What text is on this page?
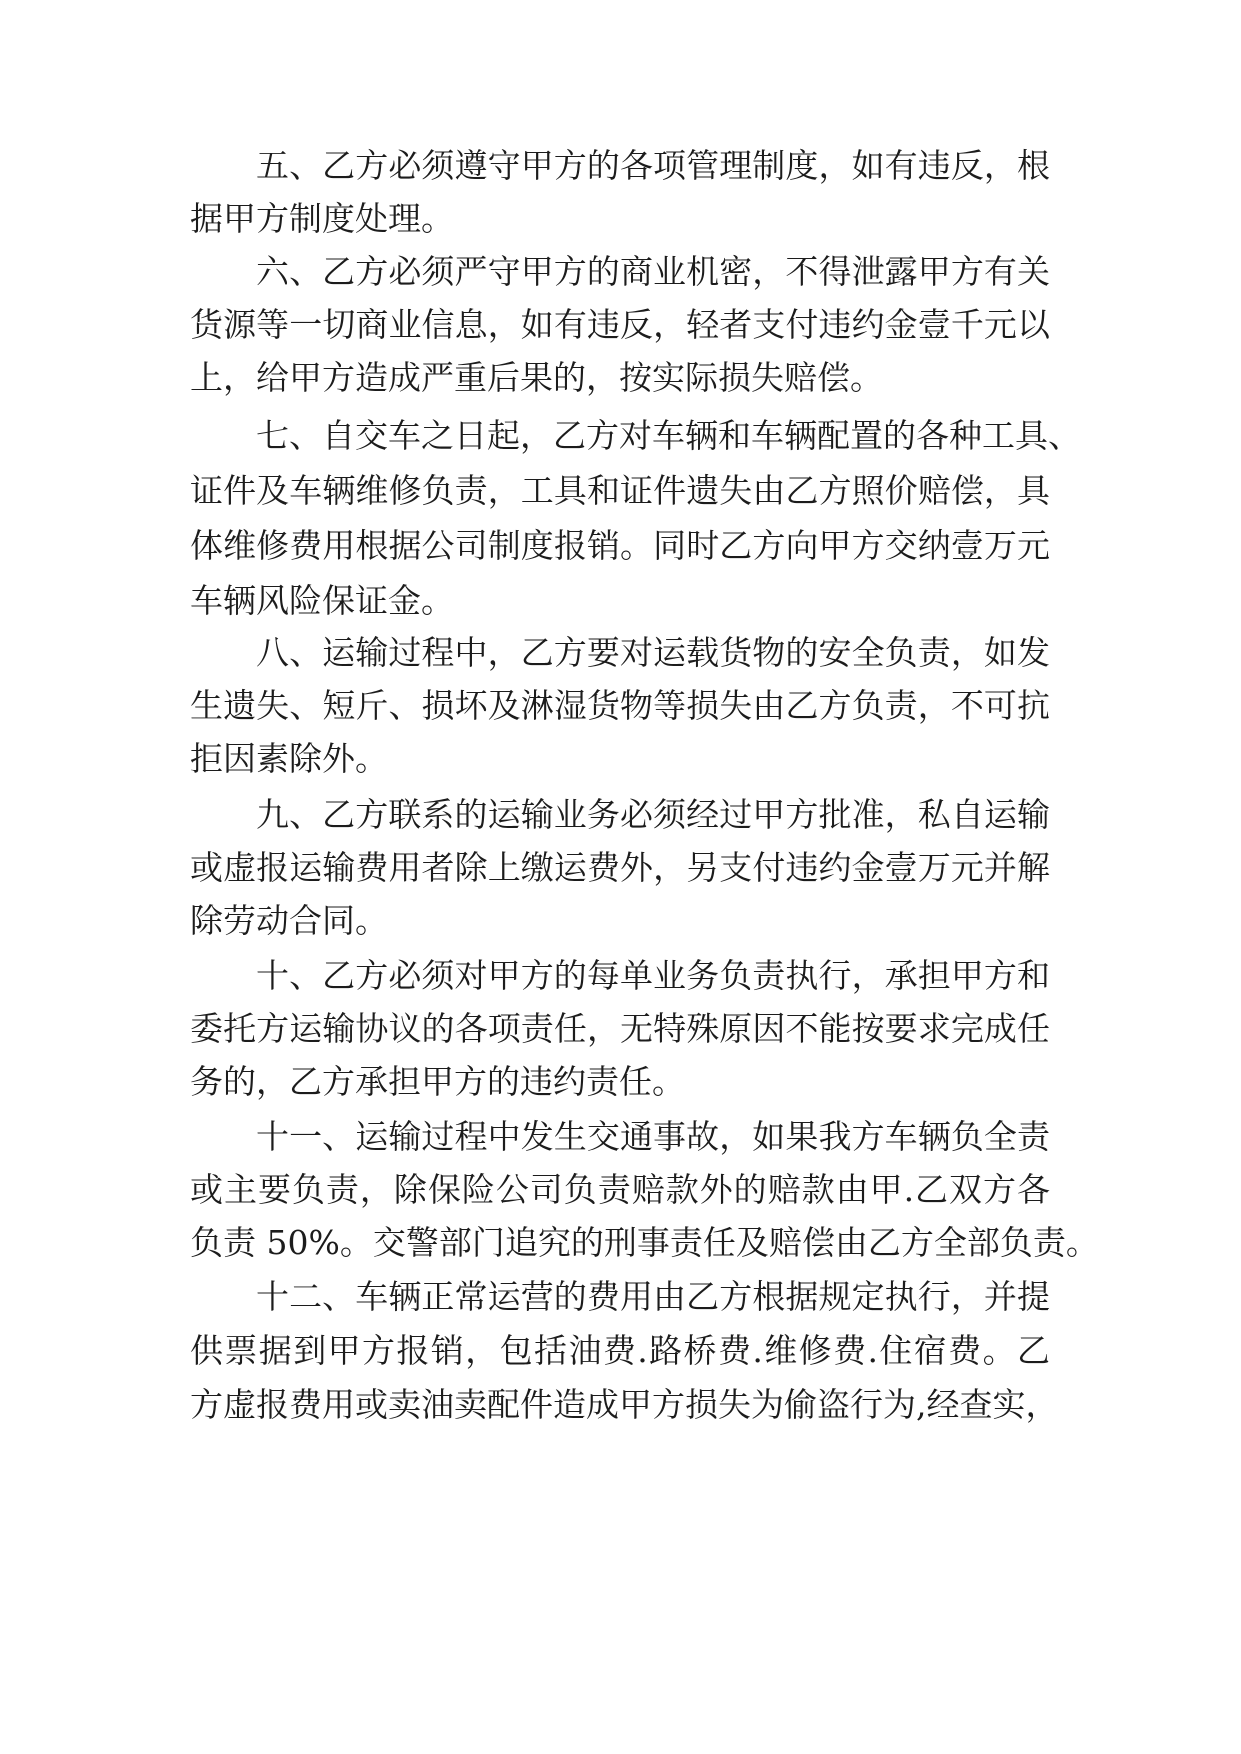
五、乙方必须遵守甲方的各项管理制度，如有违反，根

据甲方制度处理。

六、乙方必须严守甲方的商业机密，不得泄露甲方有关

货源等一切商业信息，如有违反，轻者支付违约金壹千元以

上，给甲方造成严重后果的，按实际损失赔偿。

七、自交车之日起，乙方对车辆和车辆配置的各种工具、

证件及车辆维修负责，工具和证件遗失由乙方照价赔偿，具

体维修费用根据公司制度报销。同时乙方向甲方交纳壹万元

车辆风险保证金。

八、运输过程中，乙方要对运载货物的安全负责，如发

生遗失、短斤、损坏及淋湿货物等损失由乙方负责，不可抗

拒因素除外。

九、乙方联系的运输业务必须经过甲方批准，私自运输

或虚报运输费用者除上缴运费外，另支付违约金壹万元并解

除劳动合同。

十、乙方必须对甲方的每单业务负责执行，承担甲方和

委托方运输协议的各项责任，无特殊原因不能按要求完成任

务的，乙方承担甲方的违约责任。

十一、运输过程中发生交通事故，如果我方车辆负全责

或主要负责，除保险公司负责赔款外的赔款由甲.乙双方各

负责 50%。交警部门追究的刑事责任及赔偿由乙方全部负责。

十二、车辆正常运营的费用由乙方根据规定执行，并提

供票据到甲方报销，包括油费.路桥费.维修费.住宿费。乙

方虚报费用或卖油卖配件造成甲方损失为偷盗行为,经查实，
